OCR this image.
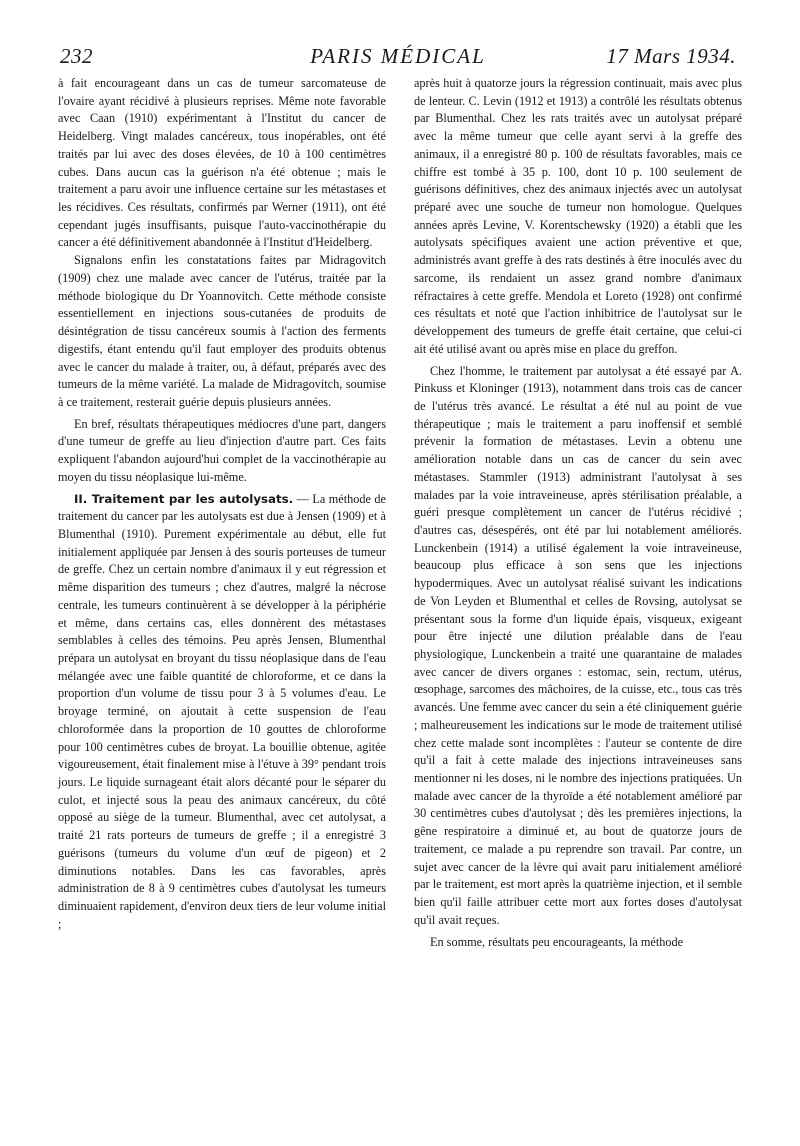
232	PARIS MÉDICAL	17 Mars 1934.

à fait encourageant dans un cas de tumeur sarcomateuse de l'ovaire ayant récidivé à plusieurs reprises. Même note favorable avec Caan (1910) expérimentant à l'Institut du cancer de Heidelberg. Vingt malades cancéreux, tous inopérables, ont été traités par lui avec des doses élevées, de 10 à 100 centimètres cubes. Dans aucun cas la guérison n'a été obtenue ; mais le traitement a paru avoir une influence certaine sur les métastases et les récidives. Ces résultats, confirmés par Werner (1911), ont été cependant jugés insuffisants, puisque l'auto-vaccinothérapie du cancer a été définitivement abandonnée à l'Institut d'Heidelberg.

Signalons enfin les constatations faites par Midragovitch (1909) chez une malade avec cancer de l'utérus, traitée par la méthode biologique du Dr Yoannovitch. Cette méthode consiste essentiellement en injections sous-cutanées de produits de désintégration de tissu cancéreux soumis à l'action des ferments digestifs, étant entendu qu'il faut employer des produits obtenus avec le cancer du malade à traiter, ou, à défaut, préparés avec des tumeurs de la même variété. La malade de Midragovitch, soumise à ce traitement, resterait guérie depuis plusieurs années.

En bref, résultats thérapeutiques médiocres d'une part, dangers d'une tumeur de greffe au lieu d'injection d'autre part. Ces faits expliquent l'abandon aujourd'hui complet de la vaccinothérapie au moyen du tissu néoplasique lui-même.

II. Traitement par les autolysats. — La méthode de traitement du cancer par les autolysats est due à Jensen (1909) et à Blumenthal (1910). Purement expérimentale au début, elle fut initialement appliquée par Jensen à des souris porteuses de tumeur de greffe. Chez un certain nombre d'animaux il y eut régression et même disparition des tumeurs ; chez d'autres, malgré la nécrose centrale, les tumeurs continuèrent à se développer à la périphérie et même, dans certains cas, elles donnèrent des métastases semblables à celles des témoins. Peu après Jensen, Blumenthal prépara un autolysat en broyant du tissu néoplasique dans de l'eau mélangée avec une faible quantité de chloroforme, et ce dans la proportion d'un volume de tissu pour 3 à 5 volumes d'eau. Le broyage terminé, on ajoutait à cette suspension de l'eau chloroformée dans la proportion de 10 gouttes de chloroforme pour 100 centimètres cubes de broyat. La bouillie obtenue, agitée vigoureusement, était finalement mise à l'étuve à 39° pendant trois jours. Le liquide surnageant était alors décanté pour le séparer du culot, et injecté sous la peau des animaux cancéreux, du côté opposé au siège de la tumeur. Blumenthal, avec cet autolysat, a traité 21 rats porteurs de tumeurs de greffe ; il a enregistré 3 guérisons (tumeurs du volume d'un œuf de pigeon) et 2 diminutions notables. Dans les cas favorables, après administration de 8 à 9 centimètres cubes d'autolysat les tumeurs diminuaient rapidement, d'environ deux tiers de leur volume initial ;

après huit à quatorze jours la régression continuait, mais avec plus de lenteur. C. Levin (1912 et 1913) a contrôlé les résultats obtenus par Blumenthal. Chez les rats traités avec un autolysat préparé avec la même tumeur que celle ayant servi à la greffe des animaux, il a enregistré 80 p. 100 de résultats favorables, mais ce chiffre est tombé à 35 p. 100, dont 10 p. 100 seulement de guérisons définitives, chez des animaux injectés avec un autolysat préparé avec une souche de tumeur non homologue. Quelques années après Levine, V. Korentschewsky (1920) a établi que les autolysats spécifiques avaient une action préventive et que, administrés avant greffe à des rats destinés à être inoculés avec du sarcome, ils rendaient un assez grand nombre d'animaux réfractaires à cette greffe. Mendola et Loreto (1928) ont confirmé ces résultats et noté que l'action inhibitrice de l'autolysat sur le développement des tumeurs de greffe était certaine, que celui-ci ait été utilisé avant ou après mise en place du greffon.

Chez l'homme, le traitement par autolysat a été essayé par A. Pinkuss et Kloninger (1913), notamment dans trois cas de cancer de l'utérus très avancé. Le résultat a été nul au point de vue thérapeutique ; mais le traitement a paru inoffensif et semblé prévenir la formation de métastases. Levin a obtenu une amélioration notable dans un cas de cancer du sein avec métastases. Stammler (1913) administrant l'autolysat à ses malades par la voie intraveineuse, après stérilisation préalable, a guéri presque complètement un cancer de l'utérus récidivé ; d'autres cas, désespérés, ont été par lui notablement améliorés. Lunckenbein (1914) a utilisé également la voie intraveineuse, beaucoup plus efficace à son sens que les injections hypodermiques. Avec un autolysat réalisé suivant les indications de Von Leyden et Blumenthal et celles de Rovsing, autolysat se présentant sous la forme d'un liquide épais, visqueux, exigeant pour être injecté une dilution préalable dans de l'eau physiologique, Lunckenbein a traité une quarantaine de malades avec cancer de divers organes : estomac, sein, rectum, utérus, œsophage, sarcomes des mâchoires, de la cuisse, etc., tous cas très avancés. Une femme avec cancer du sein a été cliniquement guérie ; malheureusement les indications sur le mode de traitement utilisé chez cette malade sont incomplètes : l'auteur se contente de dire qu'il a fait à cette malade des injections intraveineuses sans mentionner ni les doses, ni le nombre des injections pratiquées. Un malade avec cancer de la thyroïde a été notablement amélioré par 30 centimètres cubes d'autolysat ; dès les premières injections, la gêne respiratoire a diminué et, au bout de quatorze jours de traitement, ce malade a pu reprendre son travail. Par contre, un sujet avec cancer de la lèvre qui avait paru initialement amélioré par le traitement, est mort après la quatrième injection, et il semble bien qu'il faille attribuer cette mort aux fortes doses d'autolysat qu'il avait reçues.

En somme, résultats peu encourageants, la méthode
